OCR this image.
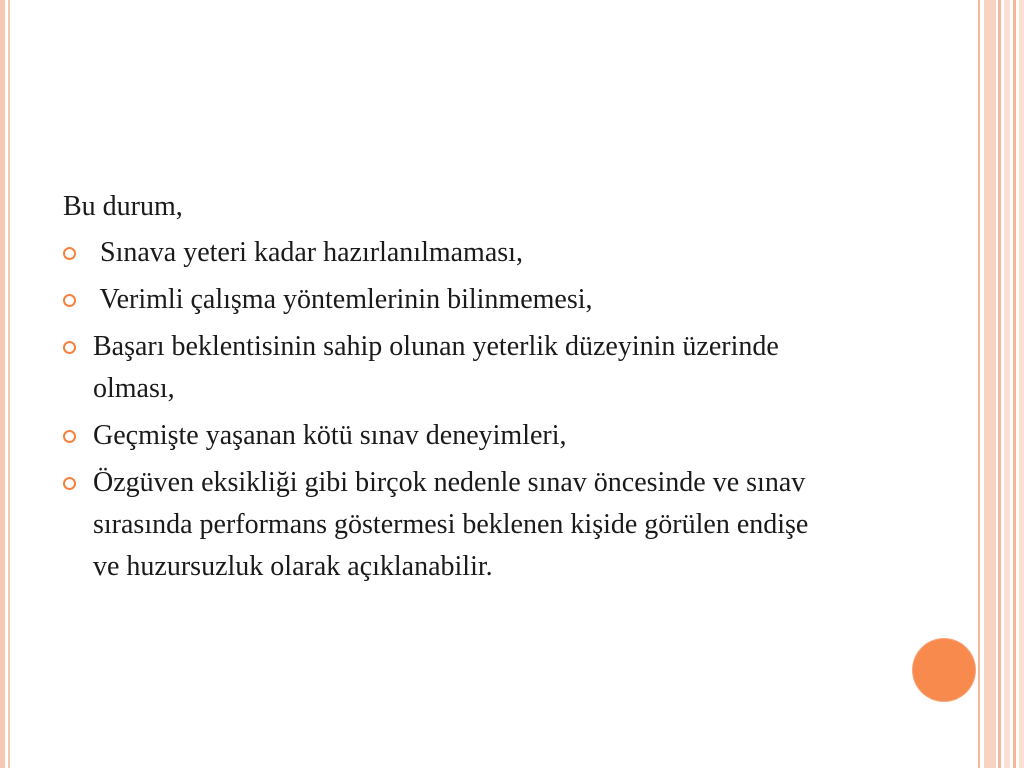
Bu durum,
Sınava yeteri kadar hazırlanılmaması,
Verimli çalışma yöntemlerinin bilinmemesi,
Başarı beklentisinin sahip olunan yeterlik düzeyinin üzerinde olması,
Geçmişte yaşanan kötü sınav deneyimleri,
Özgüven eksikliği gibi birçok nedenle sınav öncesinde ve sınav sırasında performans göstermesi beklenen kişide görülen endişe ve huzursuzluk olarak açıklanabilir.
